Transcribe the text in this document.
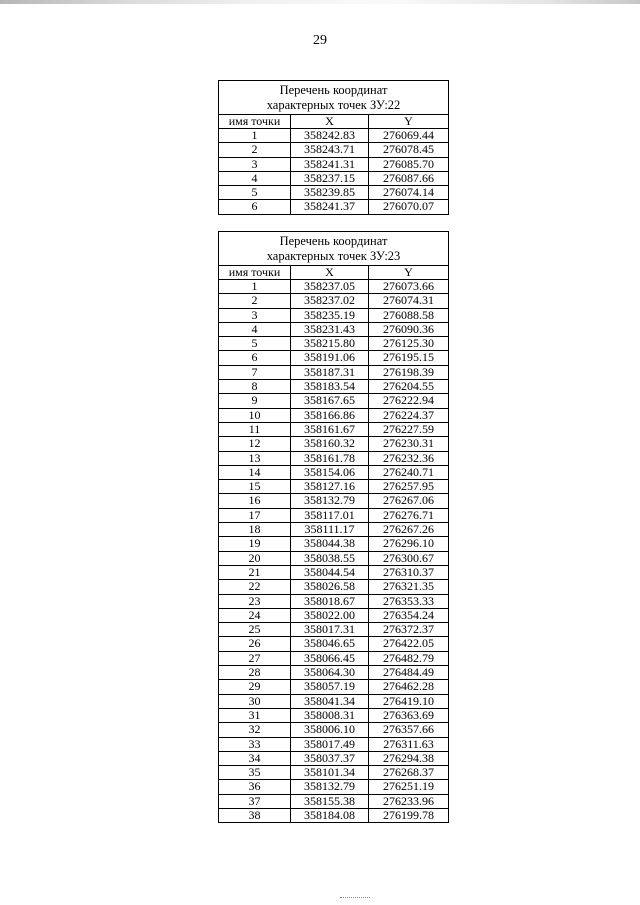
29
Перечень координат
характерных точек ЗУ:22		

имя точки	X	Y
1	358242.83	276069.44
2	358243.71	276078.45
3	358241.31	276085.70
4	358237.15	276087.66
5	358239.85	276074.14
6	358241.37	276070.07
Перечень координат
характерных точек ЗУ:23		

имя точки	X	Y
1	358237.05	276073.66
2	358237.02	276074.31
3	358235.19	276088.58
4	358231.43	276090.36
5	358215.80	276125.30
6	358191.06	276195.15
7	358187.31	276198.39
8	358183.54	276204.55
9	358167.65	276222.94
10	358166.86	276224.37
11	358161.67	276227.59
12	358160.32	276230.31
13	358161.78	276232.36
14	358154.06	276240.71
15	358127.16	276257.95
16	358132.79	276267.06
17	358117.01	276276.71
18	358111.17	276267.26
19	358044.38	276296.10
20	358038.55	276300.67
21	358044.54	276310.37
22	358026.58	276321.35
23	358018.67	276353.33
24	358022.00	276354.24
25	358017.31	276372.37
26	358046.65	276422.05
27	358066.45	276482.79
28	358064.30	276484.49
29	358057.19	276462.28
30	358041.34	276419.10
31	358008.31	276363.69
32	358006.10	276357.66
33	358017.49	276311.63
34	358037.37	276294.38
35	358101.34	276268.37
36	358132.79	276251.19
37	358155.38	276233.96
38	358184.08	276199.78
